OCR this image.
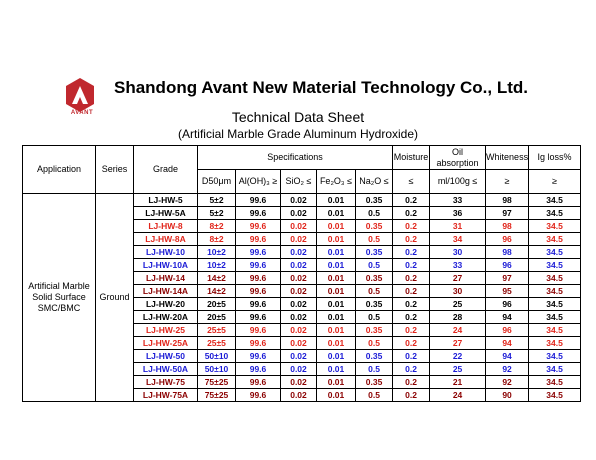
AVANT
Shandong Avant New Material Technology Co., Ltd.
Technical Data Sheet
(Artificial Marble Grade Aluminum Hydroxide)
Application	Series	Grade	Specifications					Moisture	Oil absorption	Whiteness	Ig loss%
			D50μm	Al(OH)₃ ≥	SiO₂ ≤	Fe₂O₃ ≤	Na₂O ≤	≤	ml/100g ≤	≥	≥
Artificial Marble Solid Surface SMC/BMC	Ground	LJ-HW-5	5±2	99.6	0.02	0.01	0.35	0.2	33	98	34.5
		LJ-HW-5A	5±2	99.6	0.02	0.01	0.5	0.2	36	97	34.5
		LJ-HW-8	8±2	99.6	0.02	0.01	0.35	0.2	31	98	34.5
		LJ-HW-8A	8±2	99.6	0.02	0.01	0.5	0.2	34	96	34.5
		LJ-HW-10	10±2	99.6	0.02	0.01	0.35	0.2	30	98	34.5
		LJ-HW-10A	10±2	99.6	0.02	0.01	0.5	0.2	33	96	34.5
		LJ-HW-14	14±2	99.6	0.02	0.01	0.35	0.2	27	97	34.5
		LJ-HW-14A	14±2	99.6	0.02	0.01	0.5	0.2	30	95	34.5
		LJ-HW-20	20±5	99.6	0.02	0.01	0.35	0.2	25	96	34.5
		LJ-HW-20A	20±5	99.6	0.02	0.01	0.5	0.2	28	94	34.5
		LJ-HW-25	25±5	99.6	0.02	0.01	0.35	0.2	24	96	34.5
		LJ-HW-25A	25±5	99.6	0.02	0.01	0.5	0.2	27	94	34.5
		LJ-HW-50	50±10	99.6	0.02	0.01	0.35	0.2	22	94	34.5
		LJ-HW-50A	50±10	99.6	0.02	0.01	0.5	0.2	25	92	34.5
		LJ-HW-75	75±25	99.6	0.02	0.01	0.35	0.2	21	92	34.5
		LJ-HW-75A	75±25	99.6	0.02	0.01	0.5	0.2	24	90	34.5
